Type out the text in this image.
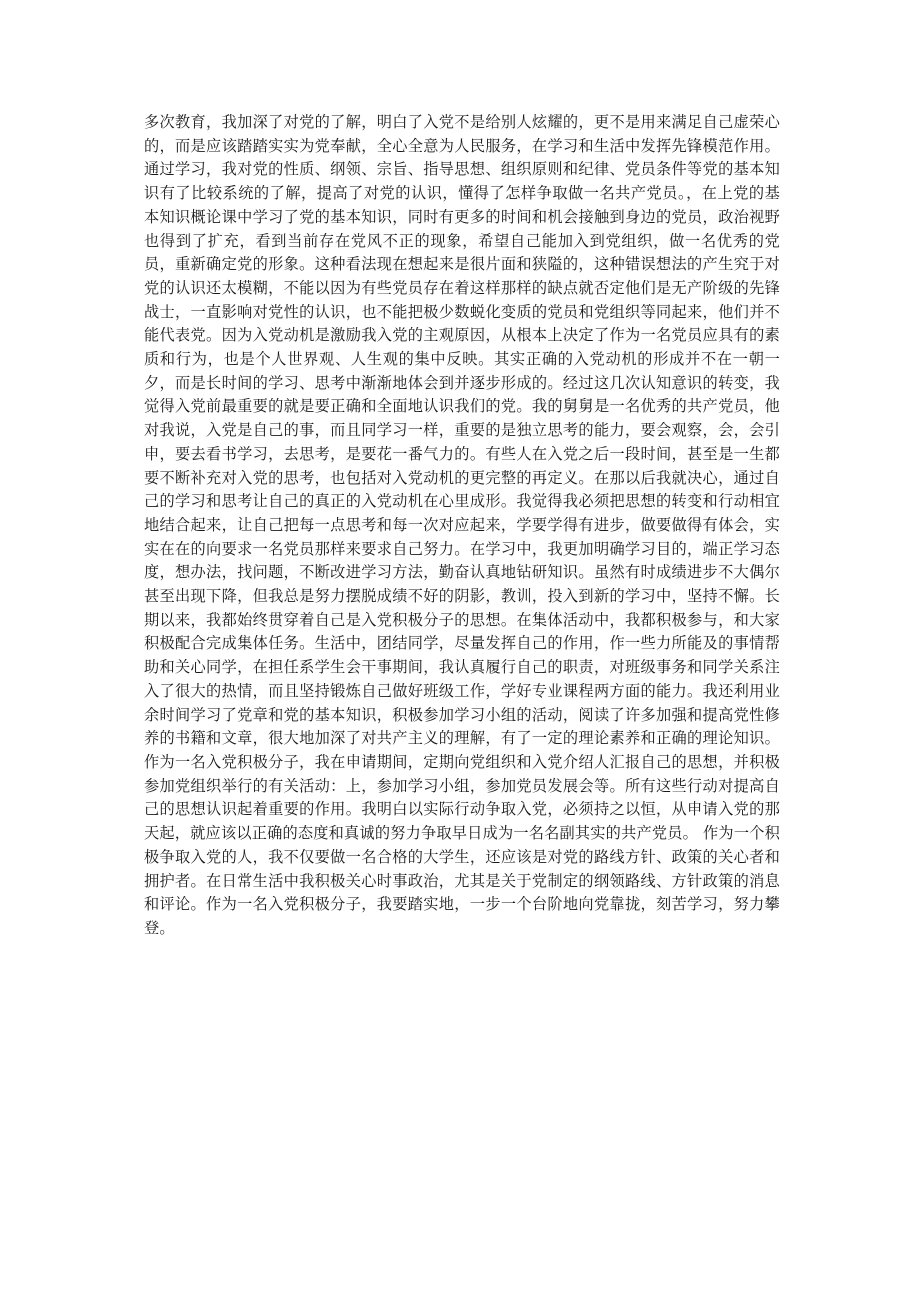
多次教育，我加深了对党的了解，明白了入党不是给别人炫耀的，更不是用来满足自己虚荣心的，而是应该踏踏实实为党奉献，全心全意为人民服务，在学习和生活中发挥先锋模范作用。通过学习，我对党的性质、纲领、宗旨、指导思想、组织原则和纪律、党员条件等党的基本知识有了比较系统的了解，提高了对党的认识，懂得了怎样争取做一名共产党员。，在上党的基本知识概论课中学习了党的基本知识，同时有更多的时间和机会接触到身边的党员，政治视野也得到了扩充，看到当前存在党风不正的现象，希望自己能加入到党组织，做一名优秀的党员，重新确定党的形象。这种看法现在想起来是很片面和狭隘的，这种错误想法的产生究于对党的认识还太模糊，不能以因为有些党员存在着这样那样的缺点就否定他们是无产阶级的先锋战士，一直影响对党性的认识，也不能把极少数蜕化变质的党员和党组织等同起来，他们并不能代表党。因为入党动机是激励我入党的主观原因，从根本上决定了作为一名党员应具有的素质和行为，也是个人世界观、人生观的集中反映。其实正确的入党动机的形成并不在一朝一夕，而是长时间的学习、思考中渐渐地体会到并逐步形成的。经过这几次认知意识的转变，我觉得入党前最重要的就是要正确和全面地认识我们的党。我的舅舅是一名优秀的共产党员，他对我说，入党是自己的事，而且同学习一样，重要的是独立思考的能力，要会观察，会，会引申，要去看书学习，去思考，是要花一番气力的。有些人在入党之后一段时间，甚至是一生都要不断补充对入党的思考，也包括对入党动机的更完整的再定义。在那以后我就决心，通过自己的学习和思考让自己的真正的入党动机在心里成形。我觉得我必须把思想的转变和行动相宜地结合起来，让自己把每一点思考和每一次对应起来，学要学得有进步，做要做得有体会，实实在在的向要求一名党员那样来要求自己努力。在学习中，我更加明确学习目的，端正学习态度，想办法，找问题，不断改进学习方法，勤奋认真地钻研知识。虽然有时成绩进步不大偶尔甚至出现下降，但我总是努力摆脱成绩不好的阴影，教训，投入到新的学习中，坚持不懈。长期以来，我都始终贯穿着自己是入党积极分子的思想。在集体活动中，我都积极参与，和大家积极配合完成集体任务。生活中，团结同学，尽量发挥自己的作用，作一些力所能及的事情帮助和关心同学，在担任系学生会干事期间，我认真履行自己的职责，对班级事务和同学关系注入了很大的热情，而且坚持锻炼自己做好班级工作，学好专业课程两方面的能力。我还利用业余时间学习了党章和党的基本知识，积极参加学习小组的活动，阅读了许多加强和提高党性修养的书籍和文章，很大地加深了对共产主义的理解，有了一定的理论素养和正确的理论知识。作为一名入党积极分子，我在申请期间，定期向党组织和入党介绍人汇报自己的思想，并积极参加党组织举行的有关活动：上，参加学习小组，参加党员发展会等。所有这些行动对提高自己的思想认识起着重要的作用。我明白以实际行动争取入党，必须持之以恒，从申请入党的那天起，就应该以正确的态度和真诚的努力争取早日成为一名名副其实的共产党员。 作为一个积极争取入党的人，我不仅要做一名合格的大学生，还应该是对党的路线方针、政策的关心者和拥护者。在日常生活中我积极关心时事政治，尤其是关于党制定的纲领路线、方针政策的消息和评论。作为一名入党积极分子，我要踏实地，一步一个台阶地向党靠拢，刻苦学习，努力攀登。
